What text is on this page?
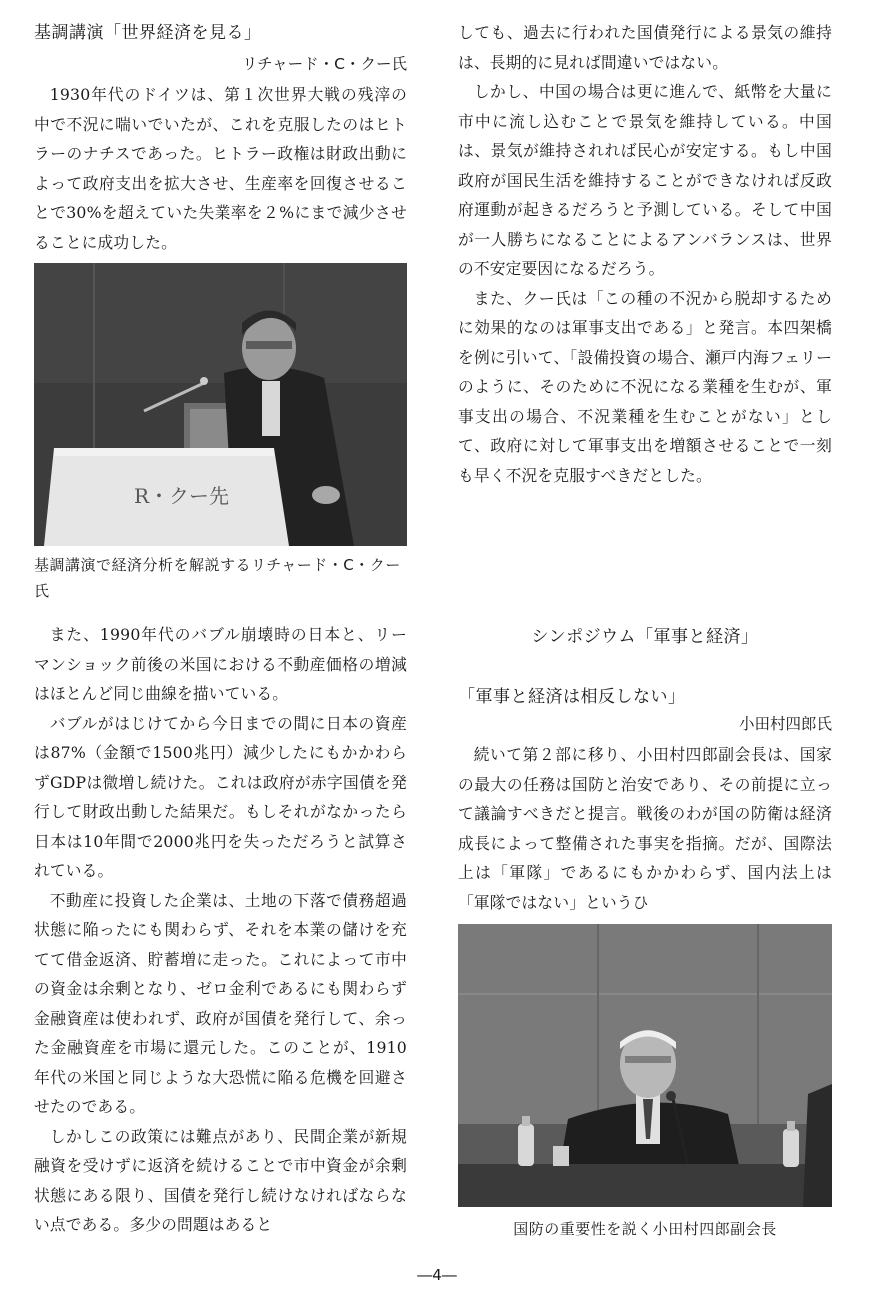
基調講演「世界経済を見る」
リチャード・C・クー氏

1930年代のドイツは、第１次世界大戦の残滓の中で不況に喘いでいたが、これを克服したのはヒトラーのナチスであった。ヒトラー政権は財政出動によって政府支出を拡大させ、生産率を回復させることで30%を超えていた失業率を２%にまで減少させることに成功した。

R・クー先
基調講演で経済分析を解説するリチャード・C・クー氏

また、1990年代のバブル崩壊時の日本と、リーマンショック前後の米国における不動産価格の増減はほとんど同じ曲線を描いている。

バブルがはじけてから今日までの間に日本の資産は87%（金額で1500兆円）減少したにもかかわらずGDPは微増し続けた。これは政府が赤字国債を発行して財政出動した結果だ。もしそれがなかったら日本は10年間で2000兆円を失っただろうと試算されている。

不動産に投資した企業は、土地の下落で債務超過状態に陥ったにも関わらず、それを本業の儲けを充てて借金返済、貯蓄増に走った。これによって市中の資金は余剰となり、ゼロ金利であるにも関わらず金融資産は使われず、政府が国債を発行して、余った金融資産を市場に還元した。このことが、1910年代の米国と同じような大恐慌に陥る危機を回避させたのである。

しかしこの政策には難点があり、民間企業が新規融資を受けずに返済を続けることで市中資金が余剰状態にある限り、国債を発行し続けなければならない点である。多少の問題はあると

しても、過去に行われた国債発行による景気の維持は、長期的に見れば間違いではない。

しかし、中国の場合は更に進んで、紙幣を大量に市中に流し込むことで景気を維持している。中国は、景気が維持されれば民心が安定する。もし中国政府が国民生活を維持することができなければ反政府運動が起きるだろうと予測している。そして中国が一人勝ちになることによるアンバランスは、世界の不安定要因になるだろう。

また、クー氏は「この種の不況から脱却するために効果的なのは軍事支出である」と発言。本四架橋を例に引いて、「設備投資の場合、瀬戸内海フェリーのように、そのために不況になる業種を生むが、軍事支出の場合、不況業種を生むことがない」として、政府に対して軍事支出を増額させることで一刻も早く不況を克服すべきだとした。

シンポジウム「軍事と経済」
「軍事と経済は相反しない」
小田村四郎氏

続いて第２部に移り、小田村四郎副会長は、国家の最大の任務は国防と治安であり、その前提に立って議論すべきだと提言。戦後のわが国の防衛は経済成長によって整備された事実を指摘。だが、国際法上は「軍隊」であるにもかかわらず、国内法上は「軍隊ではない」というひ

国防の重要性を説く小田村四郎副会長
―4―
